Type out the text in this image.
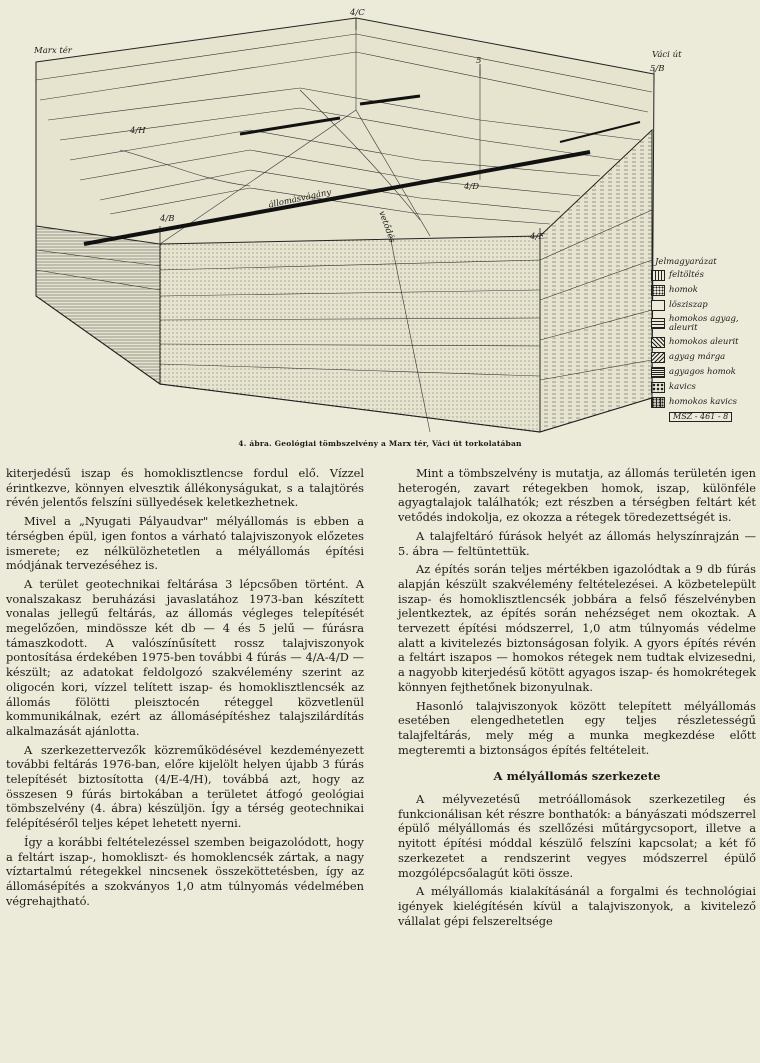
Marx tér	Váci út
4/C
5
5/B
4/B
4/E
4/D
4/H
állomásvágány
vetődés
Jelmagyarázat
feltöltés
homok
lösziszap
homokos agyag, aleurit
homokos aleurit
agyag márga
agyagos homok
kavics
homokos kavics
MSZ - 461 - 8
4. ábra. Geológiai tömbszelvény a Marx tér, Váci út torkolatában

kiterjedésű iszap és homoklisztlencse fordul elő. Vízzel érintkezve, könnyen elvesztik állékonyságukat, s a talajtörés révén jelentős felszíni süllyedések keletkezhetnek.

Mivel a „Nyugati Pályaudvar" mélyállomás is ebben a térségben épül, igen fontos a várható talajviszonyok előzetes ismerete; ez nélkülözhetetlen a mélyállomás építési módjának tervezéséhez is.

A terület geotechnikai feltárása 3 lépcsőben történt. A vonalszakasz beruházási javaslatához 1973-ban készített vonalas jellegű feltárás, az állomás végleges telepítését megelőzően, mindössze két db — 4 és 5 jelű — fúrásra támaszkodott. A valószínűsített rossz talajviszonyok pontosítása érdekében 1975-ben további 4 fúrás — 4/A-4/D — készült; az adatokat feldolgozó szakvélemény szerint az oligocén kori, vízzel telített iszap- és homoklisztlencsék az állomás fölötti pleisztocén réteggel közvetlenül kommunikálnak, ezért az állomásépítéshez talajszilárdítás alkalmazását ajánlotta.

A szerkezettervezők közreműködésével kezdeményezett további feltárás 1976-ban, előre kijelölt helyen újabb 3 fúrás telepítését biztosította (4/E-4/H), továbbá azt, hogy az összesen 9 fúrás birtokában a területet átfogó geológiai tömbszelvény (4. ábra) készüljön. Így a térség geotechnikai felépítéséről teljes képet lehetett nyerni.

Így a korábbi feltételezéssel szemben beigazolódott, hogy a feltárt iszap-, homokliszt- és homoklencsék zártak, a nagy víztartalmú rétegekkel nincsenek összeköttetésben, így az állomásépítés a szokványos 1,0 atm túlnyomás védelmében végrehajtható.

Mint a tömbszelvény is mutatja, az állomás területén igen heterogén, zavart rétegekben homok, iszap, különféle agyagtalajok találhatók; ezt részben a térségben feltárt két vetődés indokolja, ez okozza a rétegek töredezettségét is.

A talajfeltáró fúrások helyét az állomás helyszínrajzán — 5. ábra — feltüntettük.

Az építés során teljes mértékben igazolódtak a 9 db fúrás alapján készült szakvélemény feltételezései. A közbetelepült iszap- és homoklisztlencsék jobbára a felső fészelvényben jelentkeztek, az építés során nehézséget nem okoztak. A tervezett építési módszerrel, 1,0 atm túlnyomás védelme alatt a kivitelezés biztonságosan folyik. A gyors építés révén a feltárt iszapos — homokos rétegek nem tudtak elvizesedni, a nagyobb kiterjedésű kötött agyagos iszap- és homokrétegek könnyen fejthetőnek bizonyulnak.

Hasonló talajviszonyok között telepített mélyállomás esetében elengedhetetlen egy teljes részletességű talajfeltárás, mely még a munka megkezdése előtt megteremti a biztonságos építés feltételeit.

A mélyállomás szerkezete

A mélyvezetésű metróállomások szerkezetileg és funkcionálisan két részre bonthatók: a bányászati módszerrel épülő mélyállomás és szellőzési műtárgycsoport, illetve a nyitott építési móddal készülő felszíni kapcsolat; a két fő szerkezetet a rendszerint vegyes módszerrel épülő mozgólépcsőalagút köti össze.

A mélyállomás kialakításánál a forgalmi és technológiai igények kielégítésén kívül a talajviszonyok, a kivitelező vállalat gépi felszereltsége
